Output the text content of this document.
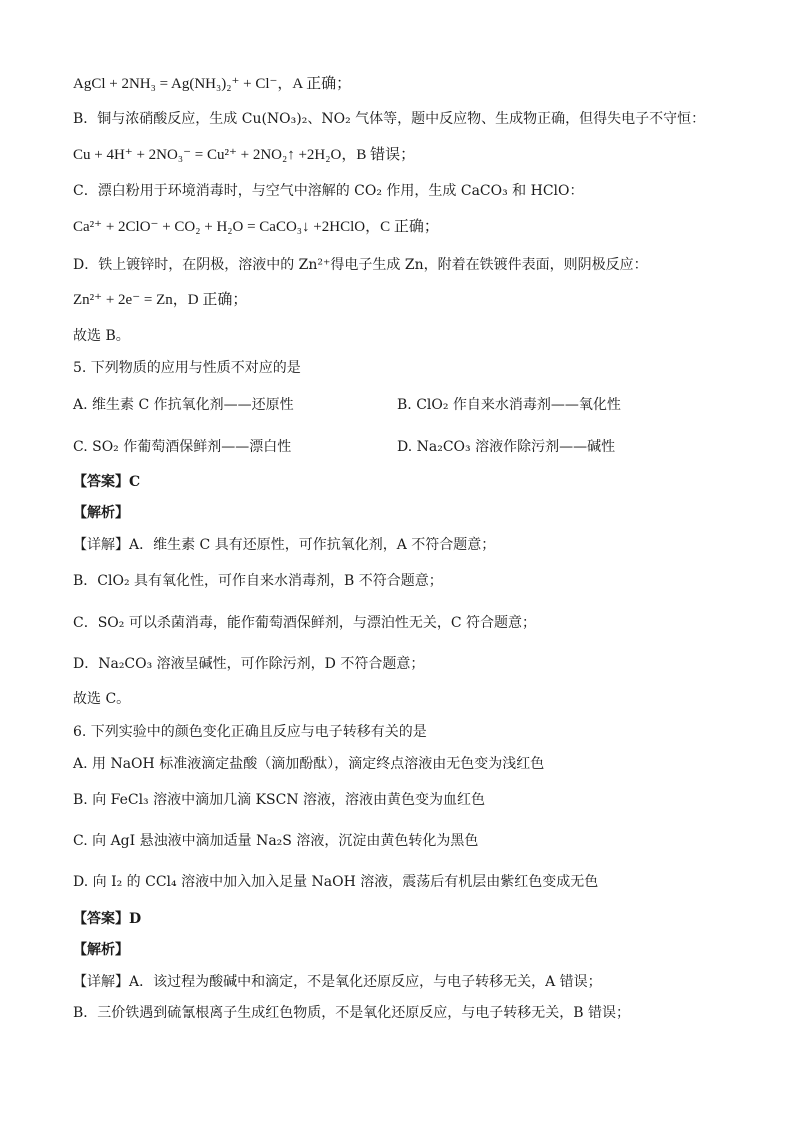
AgCl + 2NH₃ = Ag(NH₃)₂⁺ + Cl⁻，A 正确；
B．铜与浓硝酸反应，生成 Cu(NO₃)₂、NO₂ 气体等，题中反应物、生成物正确，但得失电子不守恒：
Cu + 4H⁺ + 2NO₃⁻ = Cu²⁺ + 2NO₂↑ +2H₂O，B 错误；
C．漂白粉用于环境消毒时，与空气中溶解的 CO₂ 作用，生成 CaCO₃ 和 HClO：
Ca²⁺ + 2ClO⁻ + CO₂ + H₂O = CaCO₃↓ +2HClO，C 正确；
D．铁上镀锌时，在阴极，溶液中的 Zn²⁺得电子生成 Zn，附着在铁镀件表面，则阴极反应：
Zn²⁺ + 2e⁻ = Zn，D 正确；
故选 B。
5. 下列物质的应用与性质不对应的是
A. 维生素 C 作抗氧化剂——还原性	B. ClO₂ 作自来水消毒剂——氧化性
C. SO₂ 作葡萄酒保鲜剂——漂白性	D. Na₂CO₃ 溶液作除污剂——碱性
【答案】C
【解析】
【详解】A．维生素 C 具有还原性，可作抗氧化剂，A 不符合题意；
B．ClO₂ 具有氧化性，可作自来水消毒剂，B 不符合题意；
C．SO₂ 可以杀菌消毒，能作葡萄酒保鲜剂，与漂泊性无关，C 符合题意；
D．Na₂CO₃ 溶液呈碱性，可作除污剂，D 不符合题意；
故选 C。
6. 下列实验中的颜色变化正确且反应与电子转移有关的是
A. 用 NaOH 标准液滴定盐酸（滴加酚酞），滴定终点溶液由无色变为浅红色
B. 向 FeCl₃ 溶液中滴加几滴 KSCN 溶液，溶液由黄色变为血红色
C. 向 AgI 悬浊液中滴加适量 Na₂S 溶液，沉淀由黄色转化为黑色
D. 向 I₂ 的 CCl₄ 溶液中加入加入足量 NaOH 溶液，震荡后有机层由紫红色变成无色
【答案】D
【解析】
【详解】A．该过程为酸碱中和滴定，不是氧化还原反应，与电子转移无关，A 错误；
B．三价铁遇到硫氰根离子生成红色物质，不是氧化还原反应，与电子转移无关，B 错误；
